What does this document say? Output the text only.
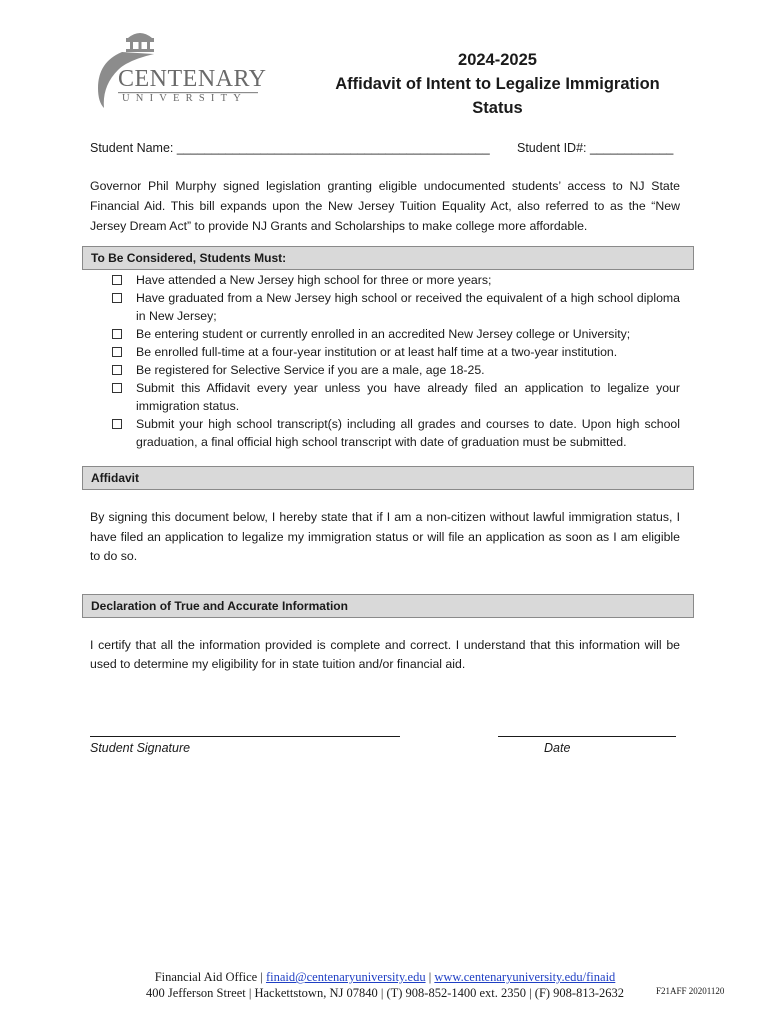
CENTENARY
UNIVERSITY
2024-2025
Affidavit of Intent to Legalize Immigration
Status
Student Name: _____________________________________________ Student ID#: ____________
Governor Phil Murphy signed legislation granting eligible undocumented students’ access to NJ State Financial Aid. This bill expands upon the New Jersey Tuition Equality Act, also referred to as the “New Jersey Dream Act” to provide NJ Grants and Scholarships to make college more affordable.
To Be Considered, Students Must:
Have attended a New Jersey high school for three or more years;
Have graduated from a New Jersey high school or received the equivalent of a high school diploma in New Jersey;
Be entering student or currently enrolled in an accredited New Jersey college or University;
Be enrolled full-time at a four-year institution or at least half time at a two-year institution.
Be registered for Selective Service if you are a male, age 18-25.
Submit this Affidavit every year unless you have already filed an application to legalize your immigration status.
Submit your high school transcript(s) including all grades and courses to date. Upon high school graduation, a final official high school transcript with date of graduation must be submitted.
Affidavit
By signing this document below, I hereby state that if I am a non-citizen without lawful immigration status, I have filed an application to legalize my immigration status or will file an application as soon as I am eligible to do so.
Declaration of True and Accurate Information
I certify that all the information provided is complete and correct. I understand that this information will be used to determine my eligibility for in state tuition and/or financial aid.
Student Signature	Date
Financial Aid Office | finaid@centenaryuniversity.edu | www.centenaryuniversity.edu/finaid
400 Jefferson Street | Hackettstown, NJ 07840 | (T) 908-852-1400 ext. 2350 | (F) 908-813-2632	F21AFF 20201120
